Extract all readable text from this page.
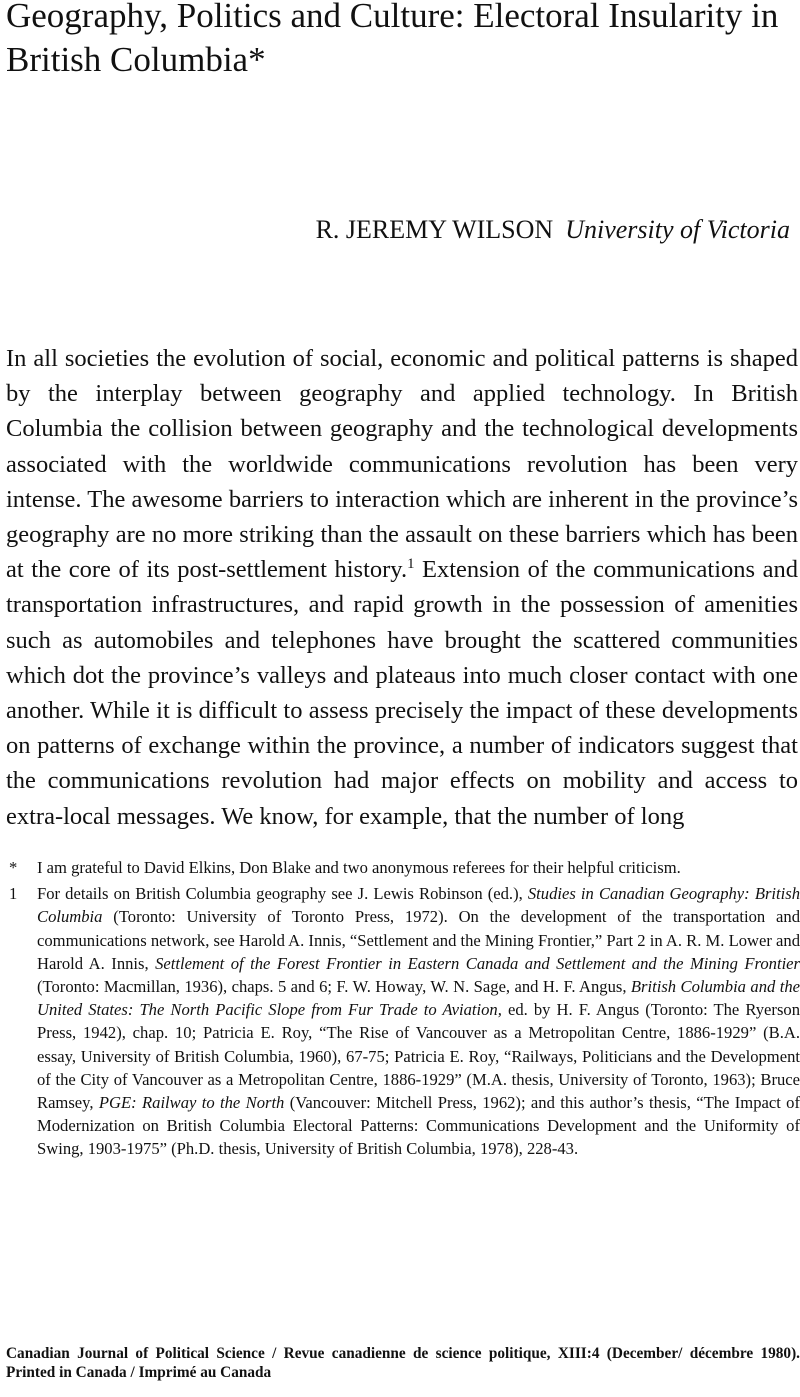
Geography, Politics and Culture: Electoral Insularity in British Columbia*
R. JEREMY WILSON University of Victoria

In all societies the evolution of social, economic and political patterns is shaped by the interplay between geography and applied technology. In British Columbia the collision between geography and the technological developments associated with the worldwide communications revolution has been very intense. The awesome barriers to interaction which are inherent in the province’s geography are no more striking than the assault on these barriers which has been at the core of its post-settlement history.$^1$ Extension of the communications and transportation infrastructures, and rapid growth in the possession of amenities such as automobiles and telephones have brought the scattered communities which dot the province’s valleys and plateaus into much closer contact with one another. While it is difficult to assess precisely the impact of these developments on patterns of exchange within the province, a number of indicators suggest that the communications revolution had major effects on mobility and access to extra-local messages. We know, for example, that the number of long

* I am grateful to David Elkins, Don Blake and two anonymous referees for their helpful criticism.
1 For details on British Columbia geography see J. Lewis Robinson (ed.), Studies in Canadian Geography: British Columbia (Toronto: University of Toronto Press, 1972). On the development of the transportation and communications network, see Harold A. Innis, “Settlement and the Mining Frontier,” Part 2 in A. R. M. Lower and Harold A. Innis, Settlement of the Forest Frontier in Eastern Canada and Settlement and the Mining Frontier (Toronto: Macmillan, 1936), chaps. 5 and 6; F. W. Howay, W. N. Sage, and H. F. Angus, British Columbia and the United States: The North Pacific Slope from Fur Trade to Aviation, ed. by H. F. Angus (Toronto: The Ryerson Press, 1942), chap. 10; Patricia E. Roy, “The Rise of Vancouver as a Metropolitan Centre, 1886-1929” (B.A. essay, University of British Columbia, 1960), 67-75; Patricia E. Roy, “Railways, Politicians and the Development of the City of Vancouver as a Metropolitan Centre, 1886-1929” (M.A. thesis, University of Toronto, 1963); Bruce Ramsey, PGE: Railway to the North (Vancouver: Mitchell Press, 1962); and this author’s thesis, “The Impact of Modernization on British Columbia Electoral Patterns: Communications Development and the Uniformity of Swing, 1903-1975” (Ph.D. thesis, University of British Columbia, 1978), 228-43.
Canadian Journal of Political Science / Revue canadienne de science politique, XIII:4 (December/ décembre 1980). Printed in Canada / Imprimé au Canada
